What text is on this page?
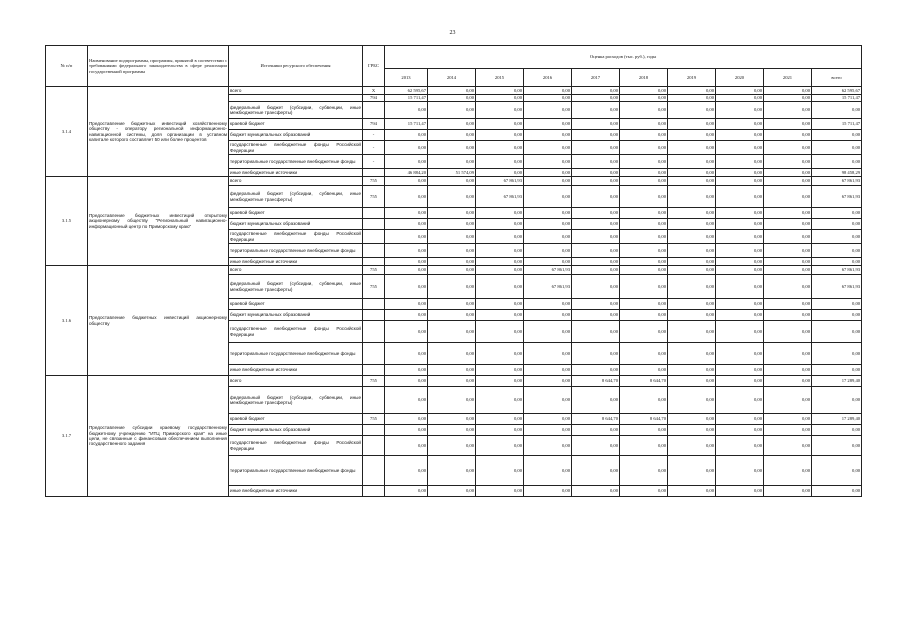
23
№ п/п	Наименование подпрограммы, программы, принятой в соответствии с требованиями федерального законодательства в сфере реализации государственной программы	Источники ресурсного обеспечения	ГРБС	Оценка расходов (тыс. руб.), годы									
				2013	2014	2015	2016	2017	2018	2019	2020	2021	всего
3.1.4	Предоставление бюджетных инвестиций хозяйственному обществу - оператору региональной информационно-навигационной системы, доля организации в уставном капитале которого составляет 50 или более процентов	всего	X	62 595,67	0,00	0,00	0,00	0,00	0,00	0,00	0,00	0,00	62 595,67
			794	15 711,47	0,00	0,00	0,00	0,00	0,00	0,00	0,00	0,00	15 711,47
		федеральный бюджет (субсидии, субвенции, иные межбюджетные трансферты)		0,00	0,00	0,00	0,00	0,00	0,00	0,00	0,00	0,00	0,00
		краевой бюджет	794	15 711,47	0,00	0,00	0,00	0,00	0,00	0,00	0,00	0,00	15 711,47
		бюджет муниципальных образований	-	0,00	0,00	0,00	0,00	0,00	0,00	0,00	0,00	0,00	0,00
		государственные внебюджетные фонды Российской Федерации	-	0,00	0,00	0,00	0,00	0,00	0,00	0,00	0,00	0,00	0,00
		территориальные государственные внебюджетные фонды	-	0,00	0,00	0,00	0,00	0,00	0,00	0,00	0,00	0,00	0,00
		иные внебюджетные источники		46 884,20	51 574,09	0,00	0,00	0,00	0,00	0,00	0,00	0,00	98 458,29
3.1.5	Предоставление бюджетных инвестиций открытому акционерному обществу "Региональный навигационно-информационный центр по Приморскому краю"	всего	755	0,00	0,00	67 861,93	0,00	0,00	0,00	0,00	0,00	0,00	67 861,93
		федеральный бюджет (субсидии, субвенции, иные межбюджетные трансферты)	755	0,00	0,00	67 861,93	0,00	0,00	0,00	0,00	0,00	0,00	67 861,93
		краевой бюджет		0,00	0,00	0,00	0,00	0,00	0,00	0,00	0,00	0,00	0,00
		бюджет муниципальных образований		0,00	0,00	0,00	0,00	0,00	0,00	0,00	0,00	0,00	0,00
		государственные внебюджетные фонды Российской Федерации		0,00	0,00	0,00	0,00	0,00	0,00	0,00	0,00	0,00	0,00
		территориальные государственные внебюджетные фонды		0,00	0,00	0,00	0,00	0,00	0,00	0,00	0,00	0,00	0,00
		иные внебюджетные источники		0,00	0,00	0,00	0,00	0,00	0,00	0,00	0,00	0,00	0,00
3.1.6	Предоставление бюджетных инвестиций акционерному обществу	всего	755	0,00	0,00	0,00	67 861,93	0,00	0,00	0,00	0,00	0,00	67 861,93
		федеральный бюджет (субсидии, субвенции, иные межбюджетные трансферты)	755	0,00	0,00	0,00	67 861,93	0,00	0,00	0,00	0,00	0,00	67 861,93
		краевой бюджет		0,00	0,00	0,00	0,00	0,00	0,00	0,00	0,00	0,00	0,00
		бюджет муниципальных образований		0,00	0,00	0,00	0,00	0,00	0,00	0,00	0,00	0,00	0,00
		государственные внебюджетные фонды Российской Федерации		0,00	0,00	0,00	0,00	0,00	0,00	0,00	0,00	0,00	0,00
		территориальные государственные внебюджетные фонды		0,00	0,00	0,00	0,00	0,00	0,00	0,00	0,00	0,00	0,00
		иные внебюджетные источники		0,00	0,00	0,00	0,00	0,00	0,00	0,00	0,00	0,00	0,00
3.1.7	Предоставление субсидии краевому государственному бюджетному учреждению "ИТЦ Приморского края" на иные цели, не связанные с финансовым обеспечением выполнения государственного задания	всего	755	0,00	0,00	0,00	0,00	8 644,70	8 644,70	0,00	0,00	0,00	17 289,40
		федеральный бюджет (субсидии, субвенции, иные межбюджетные трансферты)		0,00	0,00	0,00	0,00	0,00	0,00	0,00	0,00	0,00	0,00
		краевой бюджет	755	0,00	0,00	0,00	0,00	8 644,70	8 644,70	0,00	0,00	0,00	17 289,40
		бюджет муниципальных образований		0,00	0,00	0,00	0,00	0,00	0,00	0,00	0,00	0,00	0,00
		государственные внебюджетные фонды Российской Федерации		0,00	0,00	0,00	0,00	0,00	0,00	0,00	0,00	0,00	0,00
		территориальные государственные внебюджетные фонды		0,00	0,00	0,00	0,00	0,00	0,00	0,00	0,00	0,00	0,00
		иные внебюджетные источники		0,00	0,00	0,00	0,00	0,00	0,00	0,00	0,00	0,00	0,00
